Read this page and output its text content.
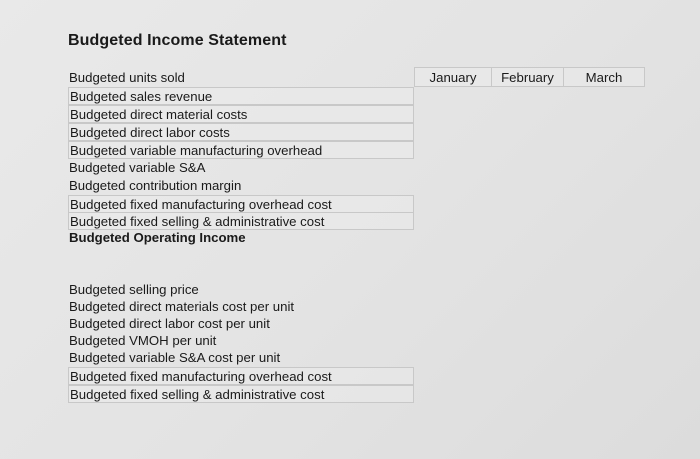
Budgeted Income Statement
January	February	March
Budgeted units sold
Budgeted sales revenue
Budgeted direct material costs
Budgeted direct labor costs
Budgeted variable manufacturing overhead
Budgeted variable S&A
Budgeted contribution margin
Budgeted fixed manufacturing overhead cost
Budgeted fixed selling & administrative cost
Budgeted Operating Income
Budgeted selling price
Budgeted direct materials cost per unit
Budgeted direct labor cost per unit
Budgeted VMOH per unit
Budgeted variable S&A cost per unit
Budgeted fixed manufacturing overhead cost
Budgeted fixed selling & administrative cost
